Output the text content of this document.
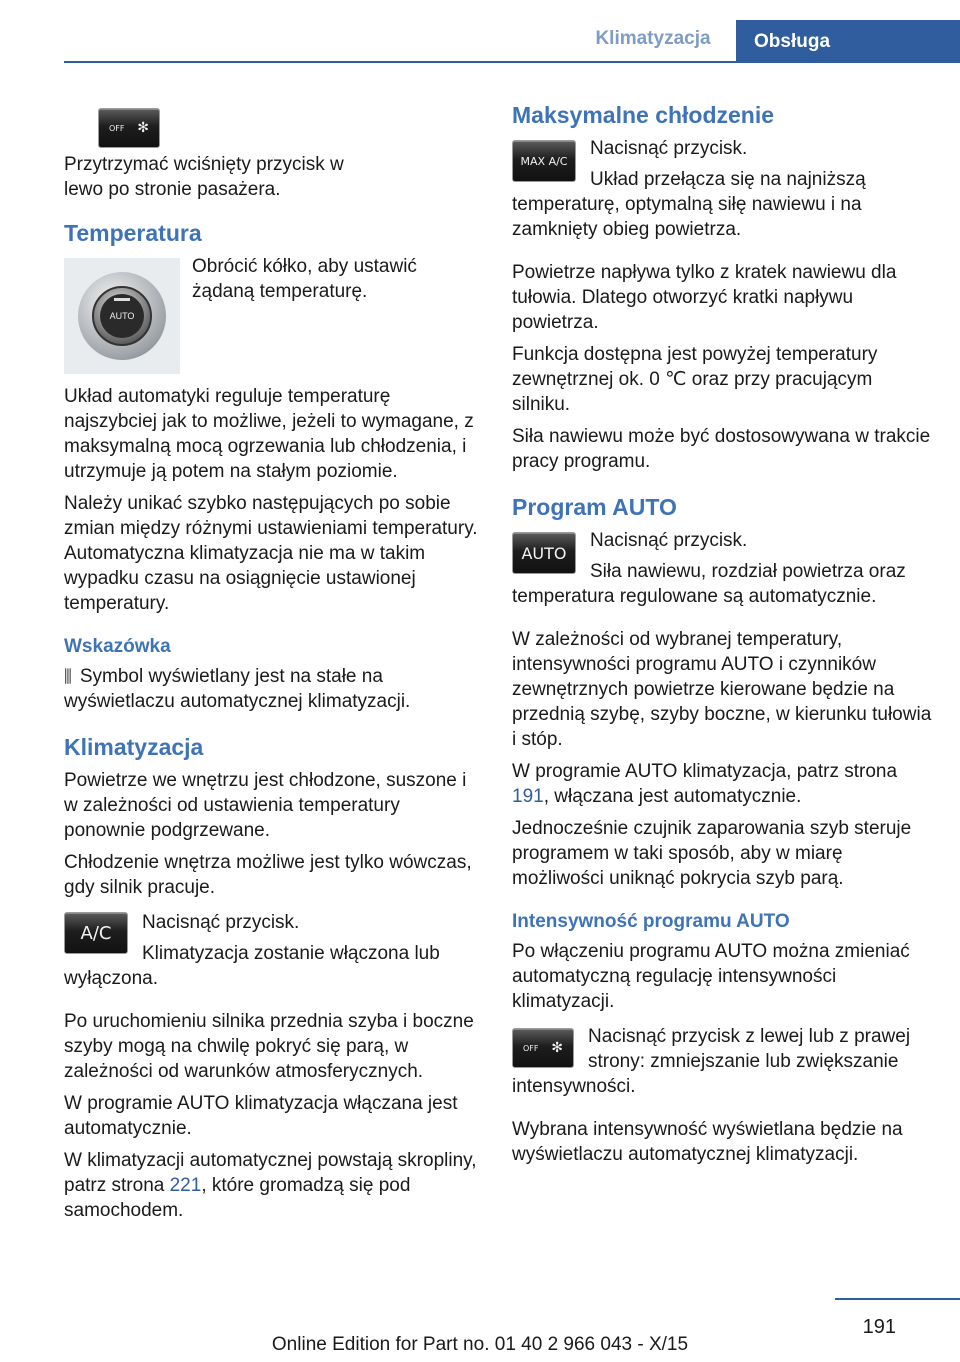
Klimatyzacja	Obsługa
OFF ✻

Przytrzymać wciśnięty przycisk w lewo po stronie pasażera.

Temperatura
AUTO

Obrócić kółko, aby ustawić żądaną temperaturę.

Układ automatyki reguluje temperaturę najszybciej jak to możliwe, jeżeli to wymagane, z maksymalną mocą ogrzewania lub chłodzenia, i utrzymuje ją potem na stałym poziomie.

Należy unikać szybko następujących po sobie zmian między różnymi ustawieniami temperatury. Automatyczna klimatyzacja nie ma w takim wypadku czasu na osiągnięcie ustawionej temperatury.

Wskazówka

⫼ Symbol wyświetlany jest na stałe na wyświetlaczu automatycznej klimatyzacji.

Klimatyzacja

Powietrze we wnętrzu jest chłodzone, suszone i w zależności od ustawienia temperatury ponownie podgrzewane.

Chłodzenie wnętrza możliwe jest tylko wówczas, gdy silnik pracuje.

A/C	Nacisnąć przycisk.

Klimatyzacja zostanie włączona lub wyłączona.

Po uruchomieniu silnika przednia szyba i boczne szyby mogą na chwilę pokryć się parą, w zależności od warunków atmosferycznych.

W programie AUTO klimatyzacja włączana jest automatycznie.

W klimatyzacji automatycznej powstają skropliny, patrz strona 221, które gromadzą się pod samochodem.

Maksymalne chłodzenie
MAX A/C

Nacisnąć przycisk.

Układ przełącza się na najniższą temperaturę, optymalną siłę nawiewu i na zamknięty obieg powietrza.

Powietrze napływa tylko z kratek nawiewu dla tułowia. Dlatego otworzyć kratki napływu powietrza.

Funkcja dostępna jest powyżej temperatury zewnętrznej ok. 0 ℃ oraz przy pracującym silniku.

Siła nawiewu może być dostosowywana w trakcie pracy programu.

Program AUTO
AUTO

Nacisnąć przycisk.

Siła nawiewu, rozdział powietrza oraz temperatura regulowane są automatycznie.

W zależności od wybranej temperatury, intensywności programu AUTO i czynników zewnętrznych powietrze kierowane będzie na przednią szybę, szyby boczne, w kierunku tułowia i stóp.

W programie AUTO klimatyzacja, patrz strona 191, włączana jest automatycznie.

Jednocześnie czujnik zaparowania szyb steruje programem w taki sposób, aby w miarę możliwości uniknąć pokrycia szyb parą.

Intensywność programu AUTO

Po włączeniu programu AUTO można zmieniać automatyczną regulację intensywności klimatyzacji.

OFF ✻

Nacisnąć przycisk z lewej lub z prawej strony: zmniejszanie lub zwiększanie intensywności.

Wybrana intensywność wyświetlana będzie na wyświetlaczu automatycznej klimatyzacji.

191
Online Edition for Part no. 01 40 2 966 043 - X/15
